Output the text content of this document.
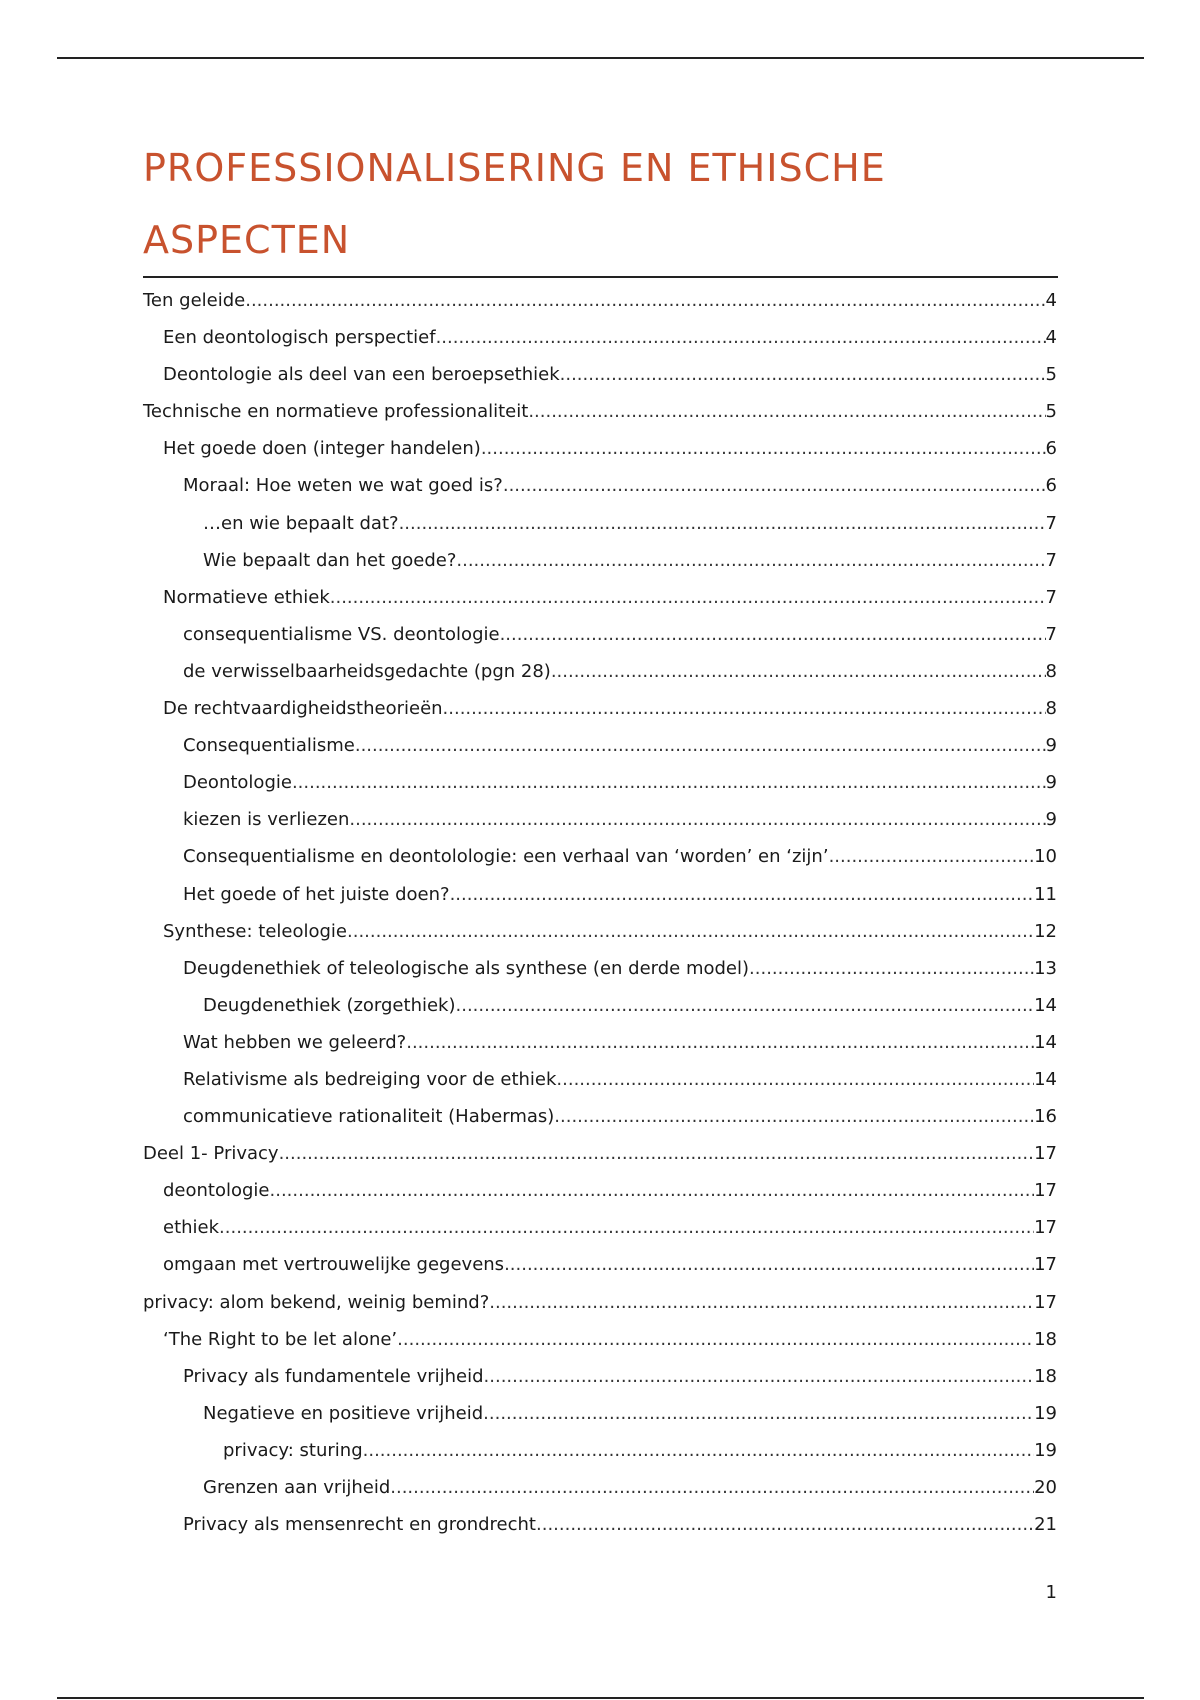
PROFESSIONALISERING EN ETHISCHE ASPECTEN
Ten geleide .....	4
Een deontologisch perspectief .....	4
Deontologie als deel van een beroepsethiek .....	5
Technische en normatieve professionaliteit .....	5
Het goede doen (integer handelen) .....	6
Moraal: Hoe weten we wat goed is? .....	6
…en wie bepaalt dat? .....	7
Wie bepaalt dan het goede? .....	7
Normatieve ethiek .....	7
consequentialisme VS. deontologie .....	7
de verwisselbaarheidsgedachte (pgn 28) .....	8
De rechtvaardigheidstheorieën .....	8
Consequentialisme .....	9
Deontologie .....	9
kiezen is verliezen .....	9
Consequentialisme en deontolologie: een verhaal van ‘worden’ en ‘zijn’ .....	10
Het goede of het juiste doen? .....	11
Synthese: teleologie .....	12
Deugdenethiek of teleologische als synthese (en derde model) .....	13
Deugdenethiek (zorgethiek) .....	14
Wat hebben we geleerd? .....	14
Relativisme als bedreiging voor de ethiek .....	14
communicatieve rationaliteit (Habermas) .....	16
Deel 1- Privacy .....	17
deontologie .....	17
ethiek .....	17
omgaan met vertrouwelijke gegevens .....	17
privacy: alom bekend, weinig bemind? .....	17
‘The Right to be let alone’ .....	18
Privacy als fundamentele vrijheid .....	18
Negatieve en positieve vrijheid .....	19
privacy: sturing .....	19
Grenzen aan vrijheid .....	20
Privacy als mensenrecht en grondrecht .....	21
1
